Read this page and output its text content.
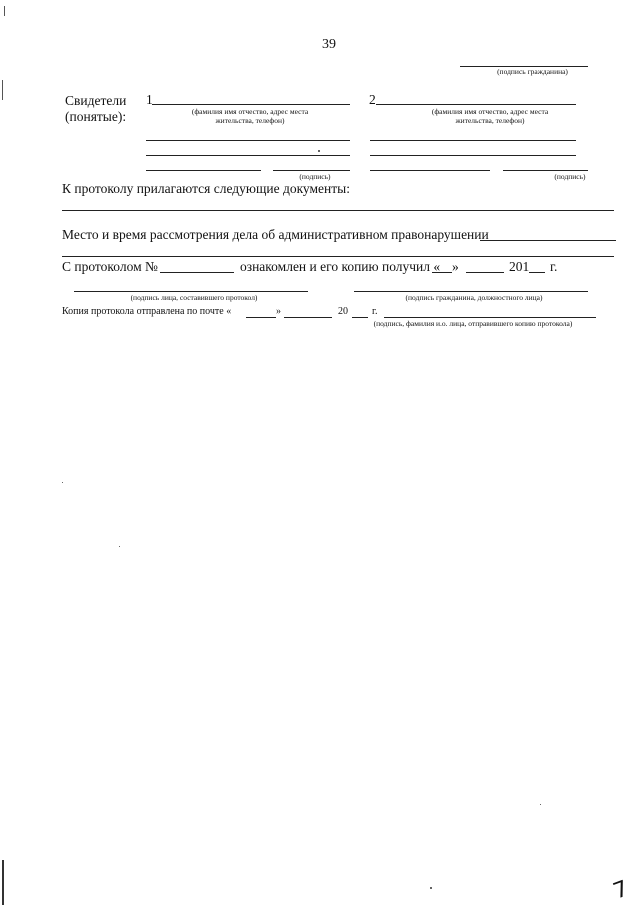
39
(подпись гражданина)
Свидетели
(понятые):
1
(фамилия имя отчество, адрес места жительства, телефон)
2
(фамилия имя отчество, адрес места жительства, телефон)
(подпись)	(подпись)
К протоколу прилагаются следующие документы:
Место и время рассмотрения дела об административном правонарушении
С протоколом №	ознакомлен и его копию получил « »	201 г.
(подпись лица, составившего протокол)	(подпись гражданина, должностного лица)
Копия протокола отправлена по почте «	»	20 г.
(подпись, фамилия и.о. лица, отправившего копию протокола)
7
